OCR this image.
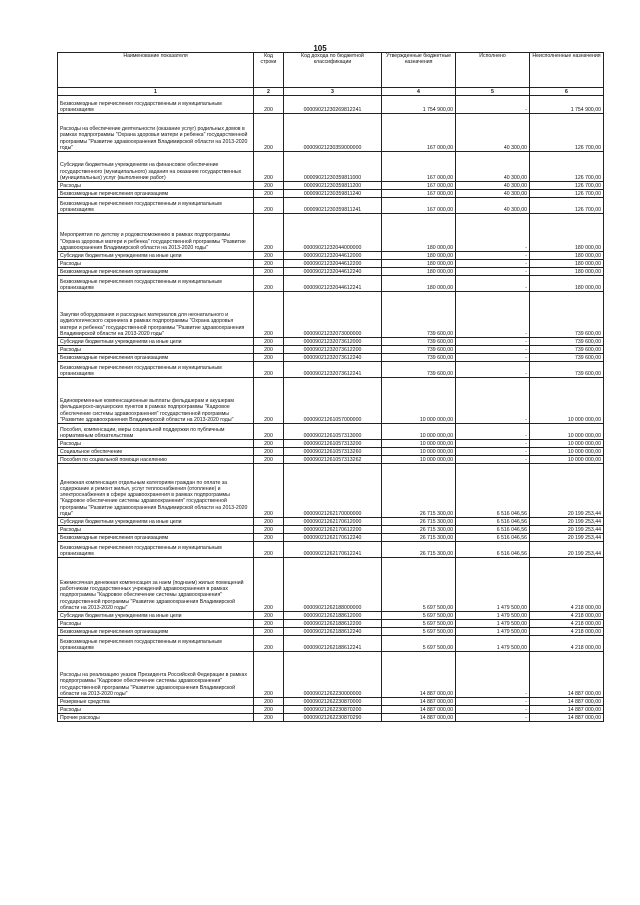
105
Наименование показателя	Код строки	Код дохода по бюджетной классификации	Утвержденные бюджетные назначения	Исполнено	Неисполненные назначения
1	2	3	4	5	6
Безвозмездные перечисления государственным и муниципальным организациям	200	00009021230269812241	1 754 900,00	-	1 754 900,00
Расходы на обеспечение деятельности (оказание услуг) родильных домов в рамках подпрограммы "Охрана здоровья матери и ребенка" государственной программы "Развитие здравоохранения Владимирской области на 2013-2020 годы"	200	00009021230359000000	167 000,00	40 300,00	126 700,00
Субсидии бюджетным учреждениям на финансовое обеспечение государственного (муниципального) задания на оказание государственных (муниципальных) услуг (выполнение работ)	200	00009021230359811000	167 000,00	40 300,00	126 700,00
Расходы	200	00009021230359811200	167 000,00	40 300,00	126 700,00
Безвозмездные перечисления организациям	200	00009021230359811240	167 000,00	40 300,00	126 700,00
Безвозмездные перечисления государственным и муниципальным организациям	200	00009021230359811241	167 000,00	40 300,00	126 700,00
Мероприятия по детству и родовспоможению в рамках подпрограммы "Охрана здоровья матери и ребенка" государственной программы "Развитие здравоохранения Владимирской области на 2013-2020 годы"	200	00009021232044000000	180 000,00	-	180 000,00
Субсидии бюджетным учреждениям на иные цели	200	00009021232044612000	180 000,00	-	180 000,00
Расходы	200	00009021232044612200	180 000,00	-	180 000,00
Безвозмездные перечисления организациям	200	00009021232044612240	180 000,00	-	180 000,00
Безвозмездные перечисления государственным и муниципальным организациям	200	00009021232044612241	180 000,00	-	180 000,00
Закупки оборудования и расходных материалов для неонатального и аудиологического скрининга в рамках подпрограммы "Охрана здоровья матери и ребенка" государственной программы "Развитие здравоохранения Владимирской области на 2013-2020 годы"	200	00009021232073000000	739 600,00	-	739 600,00
Субсидии бюджетным учреждениям на иные цели	200	00009021232073612000	739 600,00	-	739 600,00
Расходы	200	00009021232073612200	739 600,00	-	739 600,00
Безвозмездные перечисления организациям	200	00009021232073612240	739 600,00	-	739 600,00
Безвозмездные перечисления государственным и муниципальным организациям	200	00009021232073612241	739 600,00	-	739 600,00
Единовременные компенсационные выплаты фельдшерам и акушерам фельдшерско-акушерских пунктов в рамках подпрограммы "Кадровое обеспечение системы здравоохранения" государственной программы "Развитие здравоохранения Владимирской области на 2013-2020 годы"	200	00009021261057000000	10 000 000,00	-	10 000 000,00
Пособия, компенсации, меры социальной поддержки по публичным нормативным обязательствам	200	00009021261057313000	10 000 000,00	-	10 000 000,00
Расходы	200	00009021261057313200	10 000 000,00	-	10 000 000,00
Социальное обеспечение	200	00009021261057313260	10 000 000,00	-	10 000 000,00
Пособия по социальной помощи населению	200	00009021261057313262	10 000 000,00	-	10 000 000,00
Денежная компенсация отдельным категориям граждан по оплате за содержание и ремонт жилья, услуг теплоснабжения (отопление) и электроснабжения в сфере здравоохранения в рамках подпрограммы "Кадровое обеспечение системы здравоохранения" государственной программы "Развитие здравоохранения Владимирской области на 2013-2020 годы"	200	00009021262170000000	26 715 300,00	6 516 046,56	20 199 253,44
Субсидии бюджетным учреждениям на иные цели	200	00009021262170612000	26 715 300,00	6 516 046,56	20 199 253,44
Расходы	200	00009021262170612200	26 715 300,00	6 516 046,56	20 199 253,44
Безвозмездные перечисления организациям	200	00009021262170612240	26 715 300,00	6 516 046,56	20 199 253,44
Безвозмездные перечисления государственным и муниципальным организациям	200	00009021262170612241	26 715 300,00	6 516 046,56	20 199 253,44
Ежемесячная денежная компенсация за наем (поднаем) жилых помещений работникам государственных учреждений здравоохранения в рамках подпрограммы "Кадровое обеспечение системы здравоохранения" государственной программы "Развитие здравоохранения Владимирской области на 2013-2020 годы"	200	00009021262188000000	5 697 500,00	1 479 500,00	4 218 000,00
Субсидии бюджетным учреждениям на иные цели	200	00009021262188612000	5 697 500,00	1 479 500,00	4 218 000,00
Расходы	200	00009021262188612200	5 697 500,00	1 479 500,00	4 218 000,00
Безвозмездные перечисления организациям	200	00009021262188612240	5 697 500,00	1 479 500,00	4 218 000,00
Безвозмездные перечисления государственным и муниципальным организациям	200	00009021262188612241	5 697 500,00	1 479 500,00	4 218 000,00
Расходы на реализацию указов Президента Российской Федерации в рамках подпрограммы "Кадровое обеспечение системы здравоохранения" государственной программы "Развитие здравоохранения Владимирской области на 2013-2020 годы"	200	00009021262230000000	14 887 000,00	-	14 887 000,00
Резервные средства	200	00009021262230870000	14 887 000,00	-	14 887 000,00
Расходы	200	00009021262230870200	14 887 000,00	-	14 887 000,00
Прочие расходы	200	00009021262230870290	14 887 000,00	-	14 887 000,00
